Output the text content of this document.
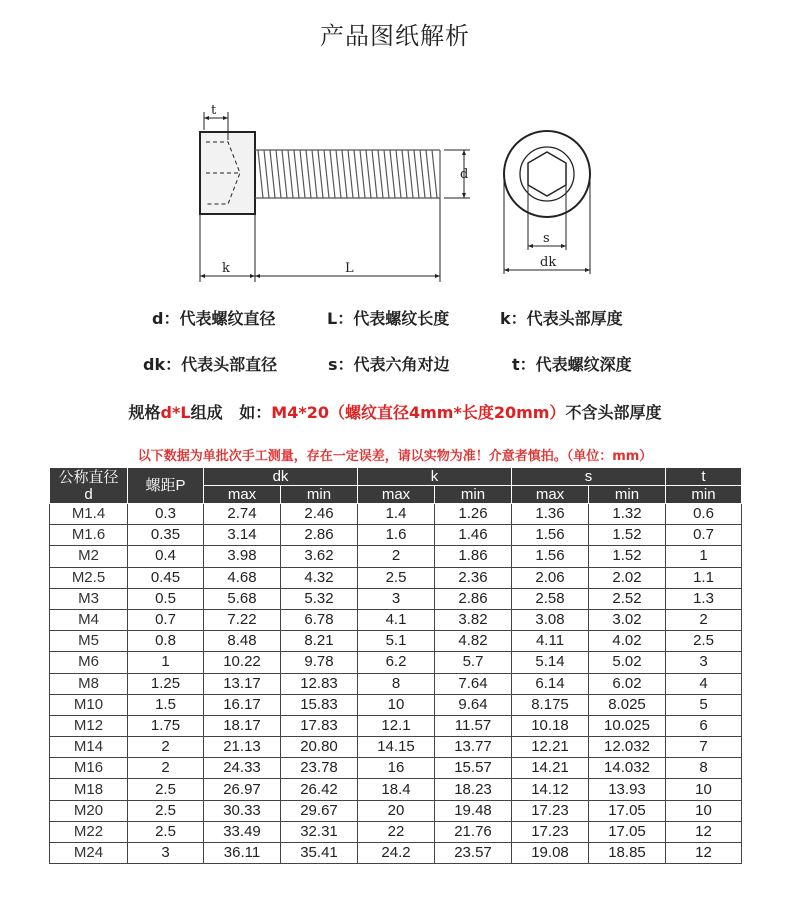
产品图纸解析
t
d
k	L
s
dk
d：代表螺纹直径	L：代表螺纹长度	k：代表头部厚度
dk：代表头部直径	s：代表六角对边	t：代表螺纹深度
规格d*L组成   如：M4*20（螺纹直径4mm*长度20mm）不含头部厚度
以下数据为单批次手工测量，存在一定误差，请以实物为准！介意者慎拍。（单位：mm）
公称直径
d	螺距P	dk		k		s		t
		max	min	max	min	max	min	min
M1.4	0.3	2.74	2.46	1.4	1.26	1.36	1.32	0.6
M1.6	0.35	3.14	2.86	1.6	1.46	1.56	1.52	0.7
M2	0.4	3.98	3.62	2	1.86	1.56	1.52	1
M2.5	0.45	4.68	4.32	2.5	2.36	2.06	2.02	1.1
M3	0.5	5.68	5.32	3	2.86	2.58	2.52	1.3
M4	0.7	7.22	6.78	4.1	3.82	3.08	3.02	2
M5	0.8	8.48	8.21	5.1	4.82	4.11	4.02	2.5
M6	1	10.22	9.78	6.2	5.7	5.14	5.02	3
M8	1.25	13.17	12.83	8	7.64	6.14	6.02	4
M10	1.5	16.17	15.83	10	9.64	8.175	8.025	5
M12	1.75	18.17	17.83	12.1	11.57	10.18	10.025	6
M14	2	21.13	20.80	14.15	13.77	12.21	12.032	7
M16	2	24.33	23.78	16	15.57	14.21	14.032	8
M18	2.5	26.97	26.42	18.4	18.23	14.12	13.93	10
M20	2.5	30.33	29.67	20	19.48	17.23	17.05	10
M22	2.5	33.49	32.31	22	21.76	17.23	17.05	12
M24	3	36.11	35.41	24.2	23.57	19.08	18.85	12
